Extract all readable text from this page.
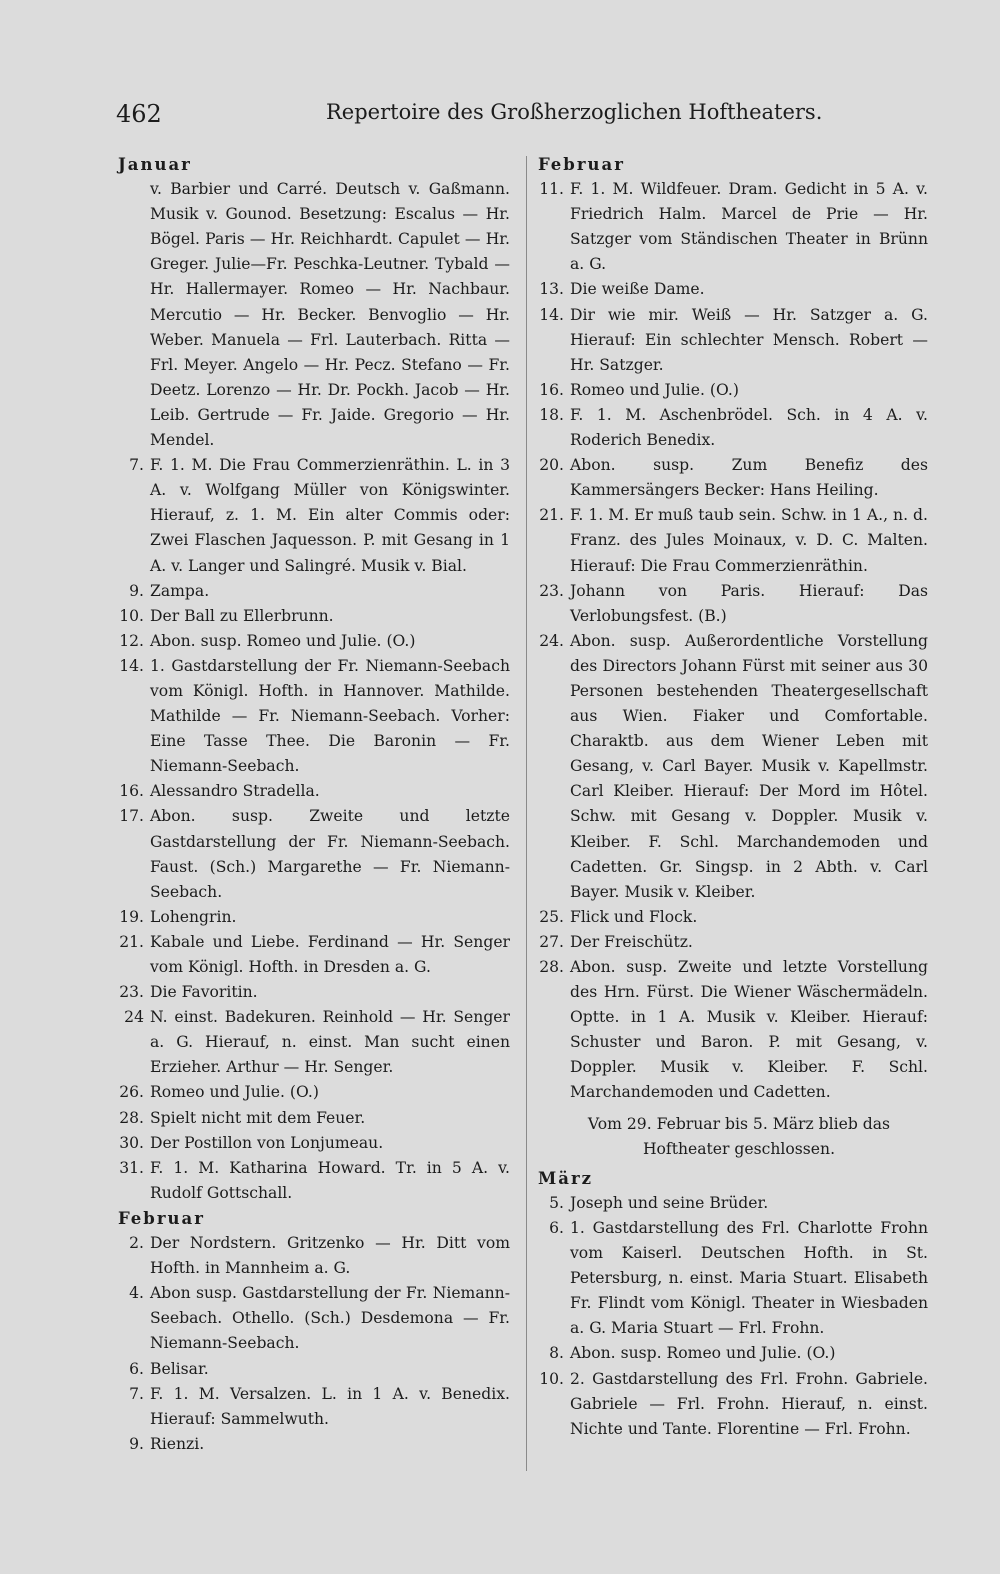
462	Repertoire des Großherzoglichen Hoftheaters.
Januar
v. Barbier und Carré. Deutsch v. Gaßmann. Musik v. Gounod. Besetzung: Escalus — Hr. Bögel. Paris — Hr. Reichhardt. Capulet — Hr. Greger. Julie—Fr. Peschka-Leutner. Tybald — Hr. Hallermayer. Romeo — Hr. Nachbaur. Mercutio — Hr. Becker. Benvoglio — Hr. Weber. Manuela — Frl. Lauterbach. Ritta — Frl. Meyer. Angelo — Hr. Pecz. Stefano — Fr. Deetz. Lorenzo — Hr. Dr. Pockh. Jacob — Hr. Leib. Gertrude — Fr. Jaide. Gregorio — Hr. Mendel.
7. F. 1. M. Die Frau Commerzienräthin. L. in 3 A. v. Wolfgang Müller von Königswinter. Hierauf, z. 1. M. Ein alter Commis oder: Zwei Flaschen Jaquesson. P. mit Gesang in 1 A. v. Langer und Salingré. Musik v. Bial.
9. Zampa.
10. Der Ball zu Ellerbrunn.
12. Abon. susp. Romeo und Julie. (O.)
14. 1. Gastdarstellung der Fr. Niemann-Seebach vom Königl. Hofth. in Hannover. Mathilde. Mathilde — Fr. Niemann-Seebach. Vorher: Eine Tasse Thee. Die Baronin — Fr. Niemann-Seebach.
16. Alessandro Stradella.
17. Abon. susp. Zweite und letzte Gastdarstellung der Fr. Niemann-Seebach. Faust. (Sch.) Margarethe — Fr. Niemann-Seebach.
19. Lohengrin.
21. Kabale und Liebe. Ferdinand — Hr. Senger vom Königl. Hofth. in Dresden a. G.
23. Die Favoritin.
24 N. einst. Badekuren. Reinhold — Hr. Senger a. G. Hierauf, n. einst. Man sucht einen Erzieher. Arthur — Hr. Senger.
26. Romeo und Julie. (O.)
28. Spielt nicht mit dem Feuer.
30. Der Postillon von Lonjumeau.
31. F. 1. M. Katharina Howard. Tr. in 5 A. v. Rudolf Gottschall.
Februar
2. Der Nordstern. Gritzenko — Hr. Ditt vom Hofth. in Mannheim a. G.
4. Abon susp. Gastdarstellung der Fr. Niemann-Seebach. Othello. (Sch.) Desdemona — Fr. Niemann-Seebach.
6. Belisar.
7. F. 1. M. Versalzen. L. in 1 A. v. Benedix. Hierauf: Sammelwuth.
9. Rienzi.
Februar
11. F. 1. M. Wildfeuer. Dram. Gedicht in 5 A. v. Friedrich Halm. Marcel de Prie — Hr. Satzger vom Ständischen Theater in Brünn a. G.
13. Die weiße Dame.
14. Dir wie mir. Weiß — Hr. Satzger a. G. Hierauf: Ein schlechter Mensch. Robert — Hr. Satzger.
16. Romeo und Julie. (O.)
18. F. 1. M. Aschenbrödel. Sch. in 4 A. v. Roderich Benedix.
20. Abon. susp. Zum Benefiz des Kammersängers Becker: Hans Heiling.
21. F. 1. M. Er muß taub sein. Schw. in 1 A., n. d. Franz. des Jules Moinaux, v. D. C. Malten. Hierauf: Die Frau Commerzienräthin.
23. Johann von Paris. Hierauf: Das Verlobungsfest. (B.)
24. Abon. susp. Außerordentliche Vorstellung des Directors Johann Fürst mit seiner aus 30 Personen bestehenden Theatergesellschaft aus Wien. Fiaker und Comfortable. Charaktb. aus dem Wiener Leben mit Gesang, v. Carl Bayer. Musik v. Kapellmstr. Carl Kleiber. Hierauf: Der Mord im Hôtel. Schw. mit Gesang v. Doppler. Musik v. Kleiber. F. Schl. Marchandemoden und Cadetten. Gr. Singsp. in 2 Abth. v. Carl Bayer. Musik v. Kleiber.
25. Flick und Flock.
27. Der Freischütz.
28. Abon. susp. Zweite und letzte Vorstellung des Hrn. Fürst. Die Wiener Wäschermädeln. Optte. in 1 A. Musik v. Kleiber. Hierauf: Schuster und Baron. P. mit Gesang, v. Doppler. Musik v. Kleiber. F. Schl. Marchandemoden und Cadetten.
Vom 29. Februar bis 5. März blieb das Hoftheater geschlossen.
März
5. Joseph und seine Brüder.
6. 1. Gastdarstellung des Frl. Charlotte Frohn vom Kaiserl. Deutschen Hofth. in St. Petersburg, n. einst. Maria Stuart. Elisabeth Fr. Flindt vom Königl. Theater in Wiesbaden a. G. Maria Stuart — Frl. Frohn.
8. Abon. susp. Romeo und Julie. (O.)
10. 2. Gastdarstellung des Frl. Frohn. Gabriele. Gabriele — Frl. Frohn. Hierauf, n. einst. Nichte und Tante. Florentine — Frl. Frohn.
